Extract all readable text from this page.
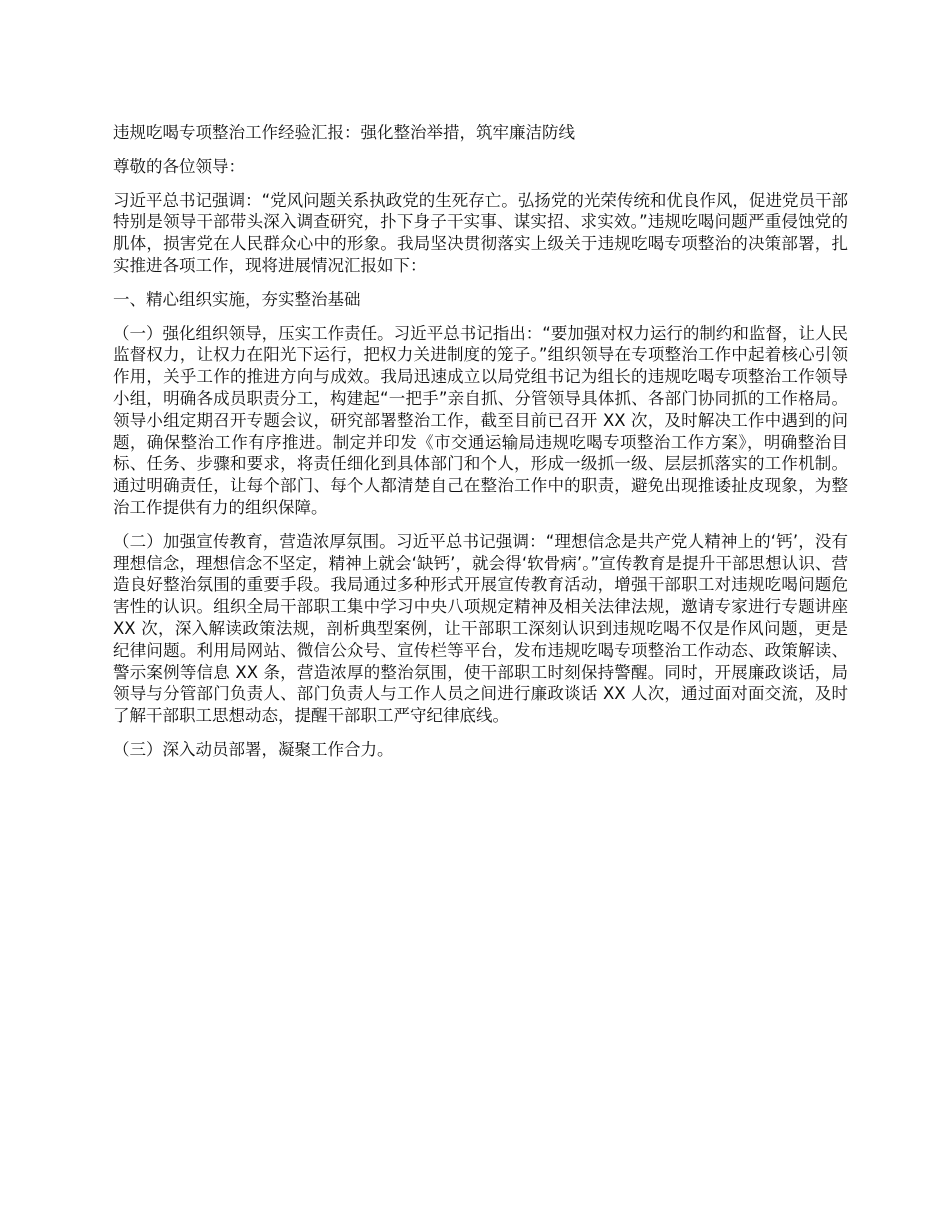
违规吃喝专项整治工作经验汇报：强化整治举措，筑牢廉洁防线

尊敬的各位领导：

习近平总书记强调：“党风问题关系执政党的生死存亡。弘扬党的光荣传统和优良作风，促进党员干部特别是领导干部带头深入调查研究，扑下身子干实事、谋实招、求实效。”违规吃喝问题严重侵蚀党的肌体，损害党在人民群众心中的形象。我局坚决贯彻落实上级关于违规吃喝专项整治的决策部署，扎实推进各项工作，现将进展情况汇报如下：

一、精心组织实施，夯实整治基础

（一）强化组织领导，压实工作责任。习近平总书记指出：“要加强对权力运行的制约和监督，让人民监督权力，让权力在阳光下运行，把权力关进制度的笼子。”组织领导在专项整治工作中起着核心引领作用，关乎工作的推进方向与成效。我局迅速成立以局党组书记为组长的违规吃喝专项整治工作领导小组，明确各成员职责分工，构建起“一把手”亲自抓、分管领导具体抓、各部门协同抓的工作格局。领导小组定期召开专题会议，研究部署整治工作，截至目前已召开 XX 次，及时解决工作中遇到的问题，确保整治工作有序推进。制定并印发《市交通运输局违规吃喝专项整治工作方案》，明确整治目标、任务、步骤和要求，将责任细化到具体部门和个人，形成一级抓一级、层层抓落实的工作机制。通过明确责任，让每个部门、每个人都清楚自己在整治工作中的职责，避免出现推诿扯皮现象，为整治工作提供有力的组织保障。

（二）加强宣传教育，营造浓厚氛围。习近平总书记强调：“理想信念是共产党人精神上的‘钙’，没有理想信念，理想信念不坚定，精神上就会‘缺钙’，就会得‘软骨病’。”宣传教育是提升干部思想认识、营造良好整治氛围的重要手段。我局通过多种形式开展宣传教育活动，增强干部职工对违规吃喝问题危害性的认识。组织全局干部职工集中学习中央八项规定精神及相关法律法规，邀请专家进行专题讲座 XX 次，深入解读政策法规，剖析典型案例，让干部职工深刻认识到违规吃喝不仅是作风问题，更是纪律问题。利用局网站、微信公众号、宣传栏等平台，发布违规吃喝专项整治工作动态、政策解读、警示案例等信息 XX 条，营造浓厚的整治氛围，使干部职工时刻保持警醒。同时，开展廉政谈话，局领导与分管部门负责人、部门负责人与工作人员之间进行廉政谈话 XX 人次，通过面对面交流，及时了解干部职工思想动态，提醒干部职工严守纪律底线。

（三）深入动员部署，凝聚工作合力。
